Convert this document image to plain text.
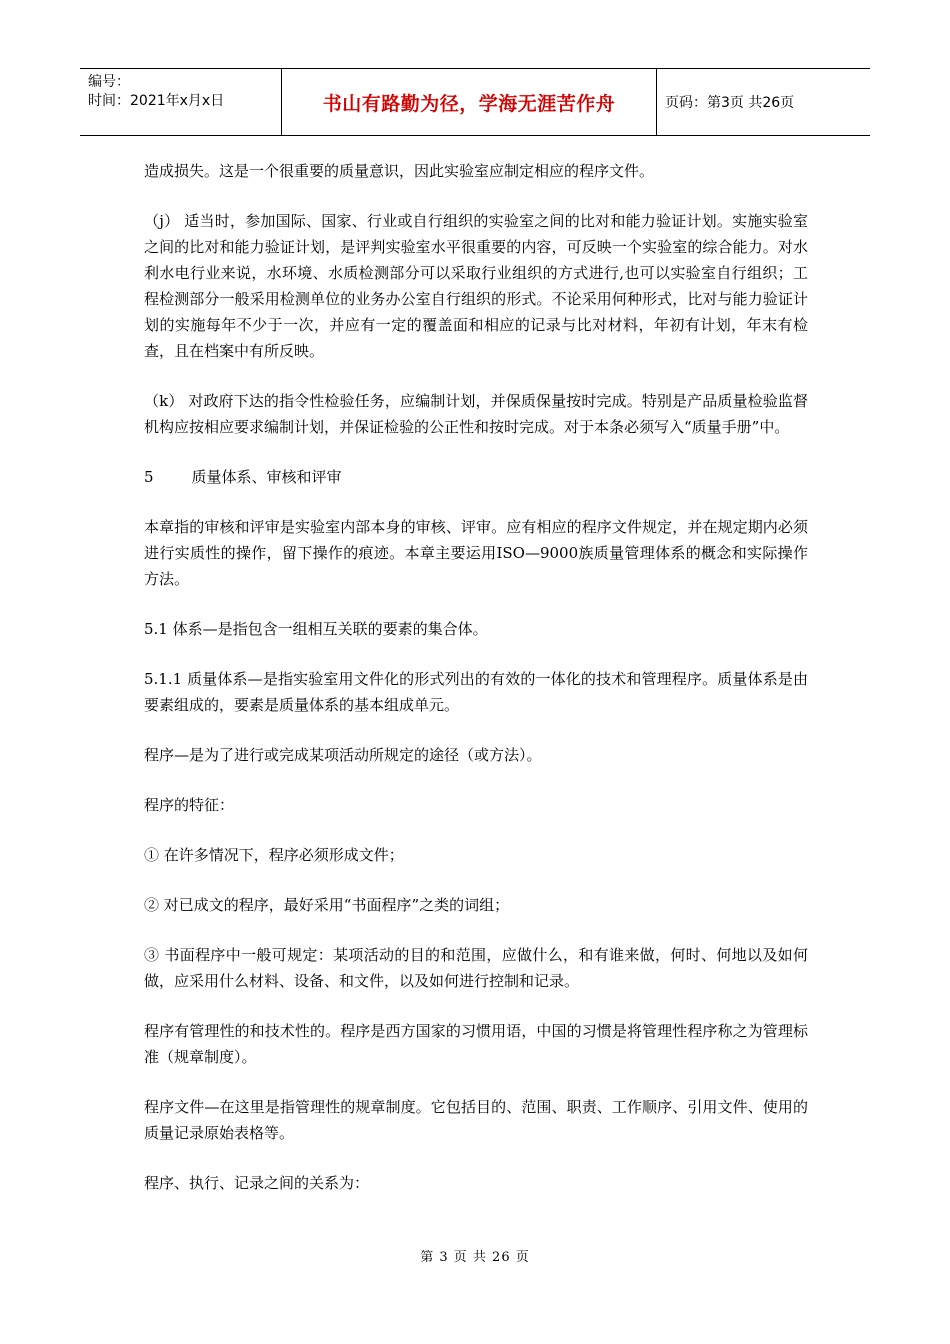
编号：
时间：2021年x月x日	书山有路勤为径，学海无涯苦作舟	页码：第3页 共26页

造成损失。这是一个很重要的质量意识，因此实验室应制定相应的程序文件。

（j） 适当时，参加国际、国家、行业或自行组织的实验室之间的比对和能力验证计划。实施实验室之间的比对和能力验证计划，是评判实验室水平很重要的内容，可反映一个实验室的综合能力。对水利水电行业来说，水环境、水质检测部分可以采取行业组织的方式进行,也可以实验室自行组织；工程检测部分一般采用检测单位的业务办公室自行组织的形式。不论采用何种形式，比对与能力验证计划的实施每年不少于一次，并应有一定的覆盖面和相应的记录与比对材料，年初有计划，年末有检查，且在档案中有所反映。

（k） 对政府下达的指令性检验任务，应编制计划，并保质保量按时完成。特别是产品质量检验监督机构应按相应要求编制计划，并保证检验的公正性和按时完成。对于本条必须写入“质量手册”中。

5	质量体系、审核和评审

本章指的审核和评审是实验室内部本身的审核、评审。应有相应的程序文件规定，并在规定期内必须进行实质性的操作，留下操作的痕迹。本章主要运用ISO—9000族质量管理体系的概念和实际操作方法。

5.1 体系—是指包含一组相互关联的要素的集合体。

5.1.1 质量体系—是指实验室用文件化的形式列出的有效的一体化的技术和管理程序。质量体系是由要素组成的，要素是质量体系的基本组成单元。

程序—是为了进行或完成某项活动所规定的途径（或方法）。

程序的特征：

① 在许多情况下，程序必须形成文件；

② 对已成文的程序，最好采用“书面程序”之类的词组；

③ 书面程序中一般可规定：某项活动的目的和范围，应做什么，和有谁来做，何时、何地以及如何做，应采用什么材料、设备、和文件，以及如何进行控制和记录。

程序有管理性的和技术性的。程序是西方国家的习惯用语，中国的习惯是将管理性程序称之为管理标准（规章制度）。

程序文件—在这里是指管理性的规章制度。它包括目的、范围、职责、工作顺序、引用文件、使用的质量记录原始表格等。

程序、执行、记录之间的关系为：

第 3 页 共 26 页
